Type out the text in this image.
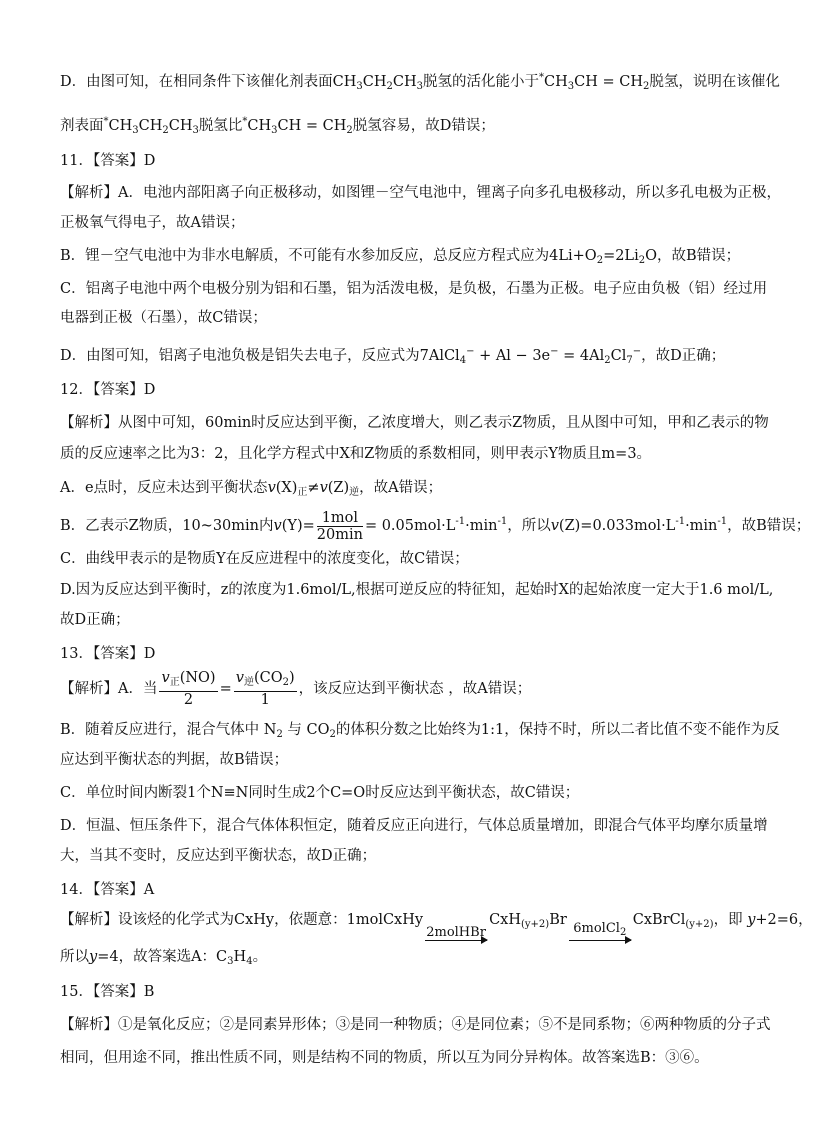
D．由图可知，在相同条件下该催化剂表面$CH_3CH_2CH_3$脱氢的活化能小于$^*CH_3CH = CH_2$脱氢，说明在该催化
剂表面$^*CH_3CH_2CH_3$脱氢比$^*CH_3CH = CH_2$脱氢容易，故D错误；
11．【答案】D
【解析】A．电池内部阳离子向正极移动，如图锂－空气电池中，锂离子向多孔电极移动，所以多孔电极为正极，
正极氧气得电子，故A错误；
B．锂－空气电池中为非水电解质，不可能有水参加反应，总反应方程式应为$4Li+O_2=2Li_2O$，故B错误；
C．铝离子电池中两个电极分别为铝和石墨，铝为活泼电极，是负极，石墨为正极。电子应由负极（铝）经过用
电器到正极（石墨），故C错误；
D．由图可知，铝离子电池负极是铝失去电子，反应式为7AlCl$_4$− + $Al - 3e^- = 4Al_2Cl_7^-$，故D正确；
12．【答案】D
【解析】从图中可知，60min时反应达到平衡，乙浓度增大，则乙表示Z物质，且从图中可知，甲和乙表示的物
质的反应速率之比为3：2，且化学方程式中X和Z物质的系数相同，则甲表示Y物质且m=3。
A．e点时，反应未达到平衡状态$v(X)_正\ne v(Z)_逆$，故A错误；
B．乙表示Z物质，10~30min内$v(Y)= \frac{\text{1mol}}{20\min} = 0.05mol\cdot L^{-1}\cdot\min^{-1}$，所以$v(Z)=0.033mol\cdot L^{-1}\cdot\min^{-1}$，故B错误；
C．曲线甲表示的是物质Y在反应进程中的浓度变化，故C错误；
D.因为反应达到平衡时，z的浓度为1.6mol/L,根据可逆反应的特征知，起始时X的起始浓度一定大于1.6 mol/L,
故D正确；
13．【答案】D
【解析】A．当 $\frac{v_正(NO)}{2} = \frac{v_逆(CO_2)}{1}$ ，该反应达到平衡状态 ，故A错误；
B．随着反应进行，混合气体中 $N_2$ 与 $CO_2$的体积分数之比始终为1:1，保持不时，所以二者比值不变不能作为反
应达到平衡状态的判据，故B错误；
C．单位时间内断裂1个N≡N同时生成2个C=O时反应达到平衡状态，故C错误；
D．恒温、恒压条件下，混合气体体积恒定，随着反应正向进行，气体总质量增加，即混合气体平均摩尔质量增
大，当其不变时，反应达到平衡状态，故D正确；
14．【答案】A
【解析】设该烃的化学式为CxHy，依题意：1molCxHy
2molHBr
CxH$_{(y+2)}$Br
6molCl$_2$
CxBrCl$_{(y+2)}$，即 y+2=6，
所以y=4，故答案选A：$C_3H_4$。
15．【答案】B
【解析】①是氧化反应；②是同素异形体；③是同一种物质；④是同位素；⑤不是同系物；⑥两种物质的分子式
相同，但用途不同，推出性质不同，则是结构不同的物质，所以互为同分异构体。故答案选B：③⑥。
